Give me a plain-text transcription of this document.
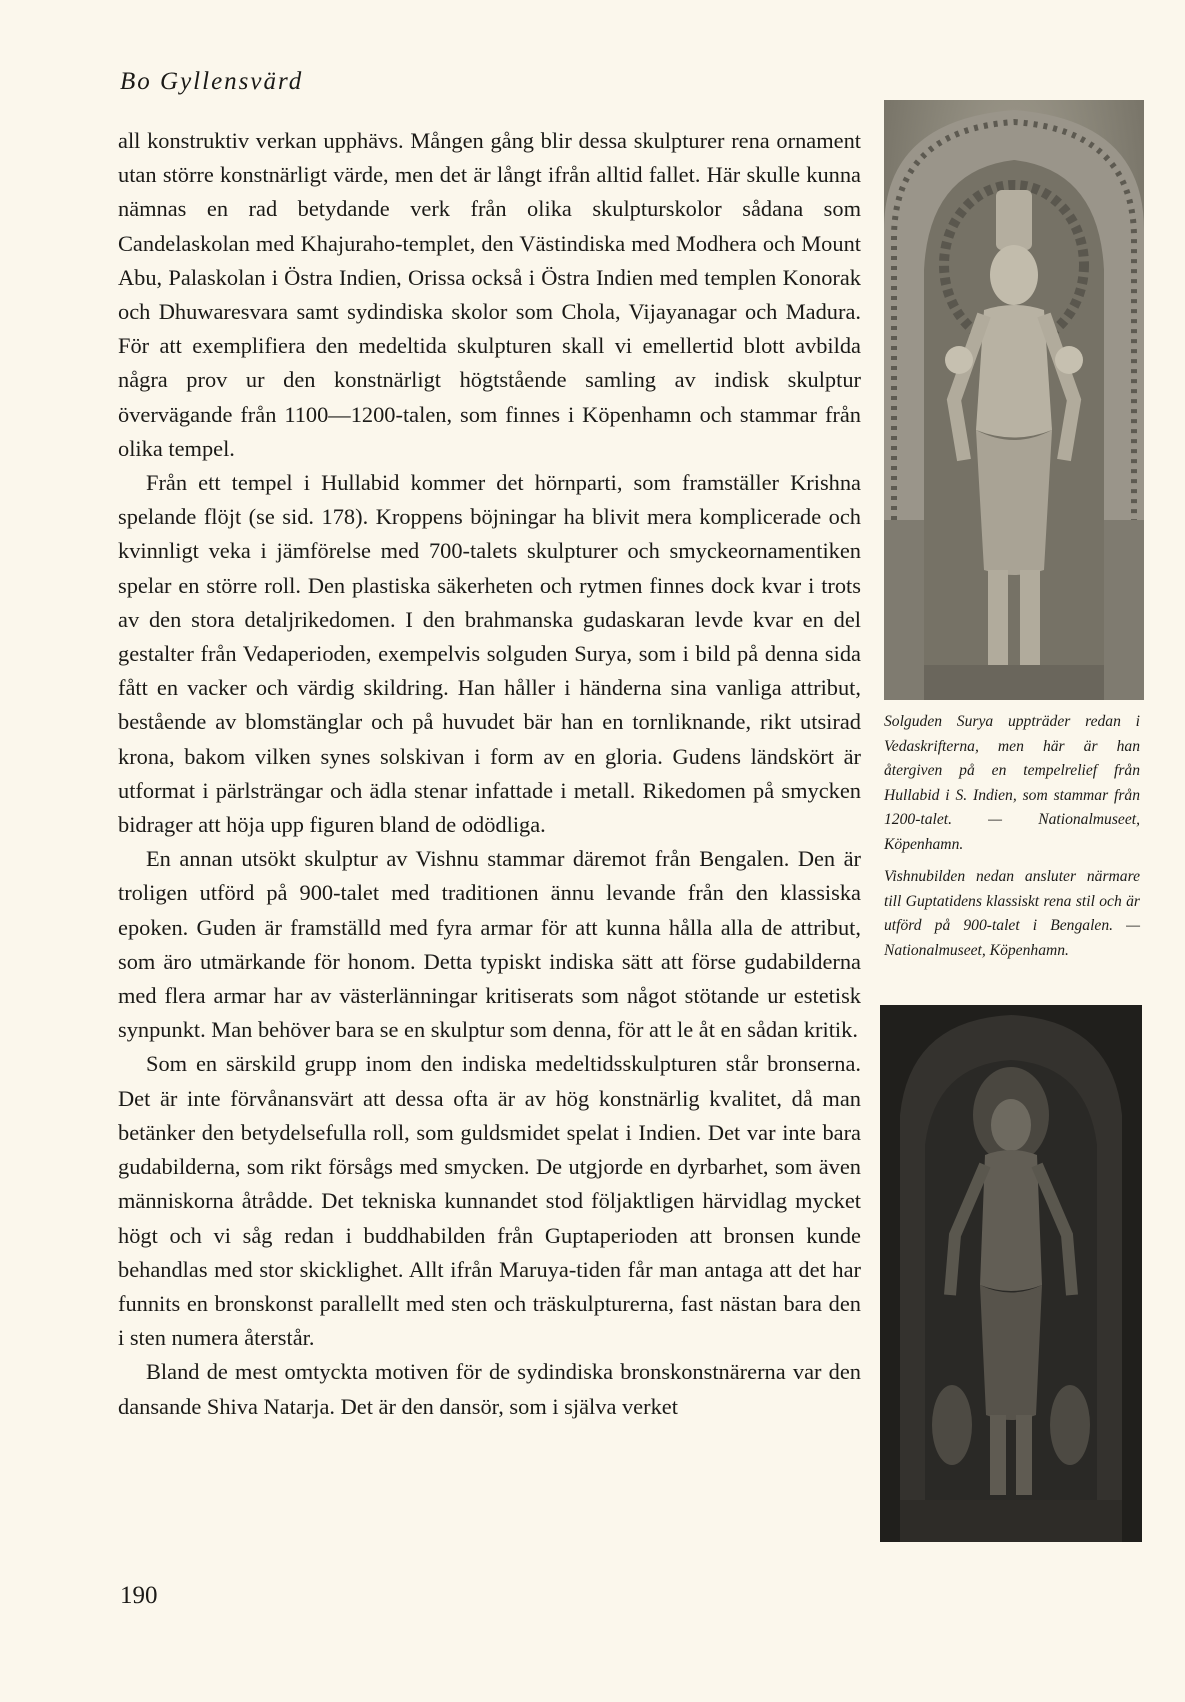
Bo Gyllensvärd

all konstruktiv verkan upphävs. Mången gång blir dessa skulpturer rena ornament utan större konstnärligt värde, men det är långt ifrån alltid fallet. Här skulle kunna nämnas en rad betydande verk från olika skulpturskolor sådana som Candelaskolan med Khajuraho-templet, den Västindiska med Modhera och Mount Abu, Palaskolan i Östra Indien, Orissa också i Östra Indien med templen Konorak och Dhuwaresvara samt sydindiska skolor som Chola, Vijayanagar och Madura. För att exemplifiera den medeltida skulpturen skall vi emellertid blott avbilda några prov ur den konstnärligt högtstående samling av indisk skulptur övervägande från 1100—1200-talen, som finnes i Köpenhamn och stammar från olika tempel.

Från ett tempel i Hullabid kommer det hörnparti, som framställer Krishna spelande flöjt (se sid. 178). Kroppens böjningar ha blivit mera komplicerade och kvinnligt veka i jämförelse med 700-talets skulpturer och smyckeornamentiken spelar en större roll. Den plastiska säkerheten och rytmen finnes dock kvar i trots av den stora detaljrikedomen. I den brahmanska gudaskaran levde kvar en del gestalter från Vedaperioden, exempelvis solguden Surya, som i bild på denna sida fått en vacker och värdig skildring. Han håller i händerna sina vanliga attribut, bestående av blomstänglar och på huvudet bär han en tornliknande, rikt utsirad krona, bakom vilken synes solskivan i form av en gloria. Gudens ländskört är utformat i pärlsträngar och ädla stenar infattade i metall. Rikedomen på smycken bidrager att höja upp figuren bland de odödliga.

En annan utsökt skulptur av Vishnu stammar däremot från Bengalen. Den är troligen utförd på 900-talet med traditionen ännu levande från den klassiska epoken. Guden är framställd med fyra armar för att kunna hålla alla de attribut, som äro utmärkande för honom. Detta typiskt indiska sätt att förse gudabilderna med flera armar har av västerlänningar kritiserats som något stötande ur estetisk synpunkt. Man behöver bara se en skulptur som denna, för att le åt en sådan kritik.

Som en särskild grupp inom den indiska medeltidsskulpturen står bronserna. Det är inte förvånansvärt att dessa ofta är av hög konstnärlig kvalitet, då man betänker den betydelsefulla roll, som guldsmidet spelat i Indien. Det var inte bara gudabilderna, som rikt försågs med smycken. De utgjorde en dyrbarhet, som även människorna åtrådde. Det tekniska kunnandet stod följaktligen härvidlag mycket högt och vi såg redan i buddhabilden från Guptaperioden att bronsen kunde behandlas med stor skicklighet. Allt ifrån Maruya-tiden får man antaga att det har funnits en bronskonst parallellt med sten och träskulpturerna, fast nästan bara den i sten numera återstår.

Bland de mest omtyckta motiven för de sydindiska bronskonstnärerna var den dansande Shiva Natarja. Det är den dansör, som i själva verket

Solguden Surya uppträder redan i Vedaskrifterna, men här är han återgiven på en tempelrelief från Hullabid i S. Indien, som stammar från 1200-talet. — Nationalmuseet, Köpenhamn.
Vishnubilden nedan ansluter närmare till Guptatidens klassiskt rena stil och är utförd på 900-talet i Bengalen. — Nationalmuseet, Köpenhamn.
190
